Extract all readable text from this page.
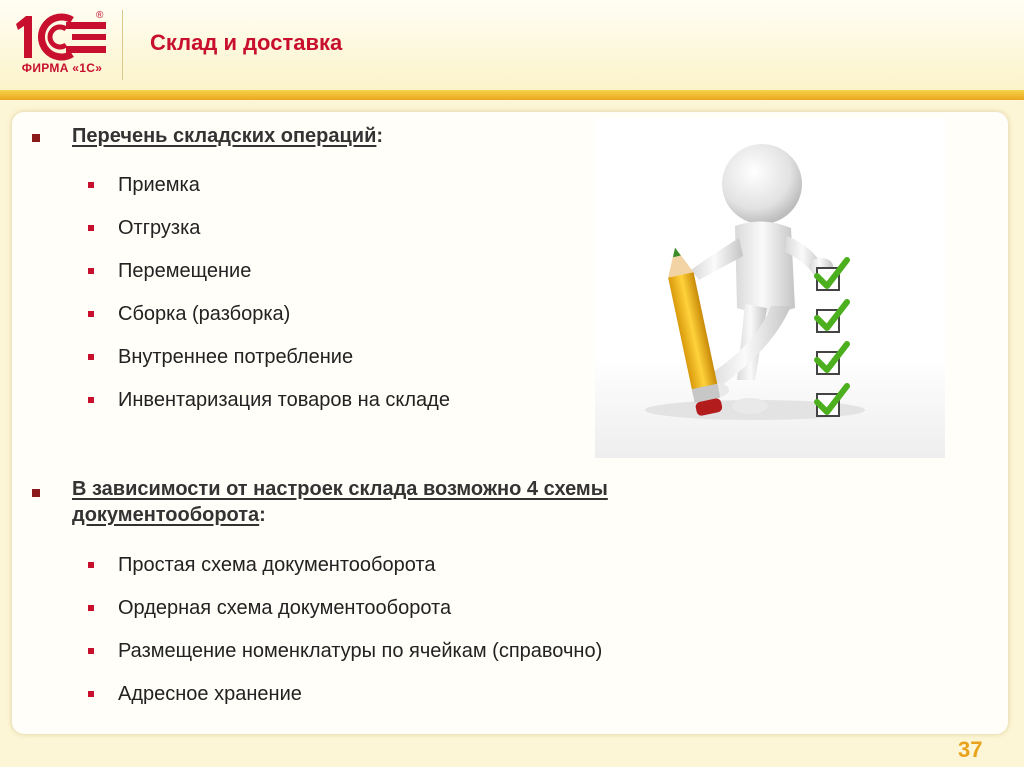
®
ФИРМА «1С»
Склад и доставка
Перечень складских операций:
Приемка
Отгрузка
Перемещение
Сборка (разборка)
Внутреннее потребление
Инвентаризация товаров на складе
В зависимости от настроек склада возможно 4 схемы
документооборота:
Простая схема документооборота
Ордерная схема документооборота
Размещение номенклатуры по ячейкам (справочно)
Адресное хранение
37
